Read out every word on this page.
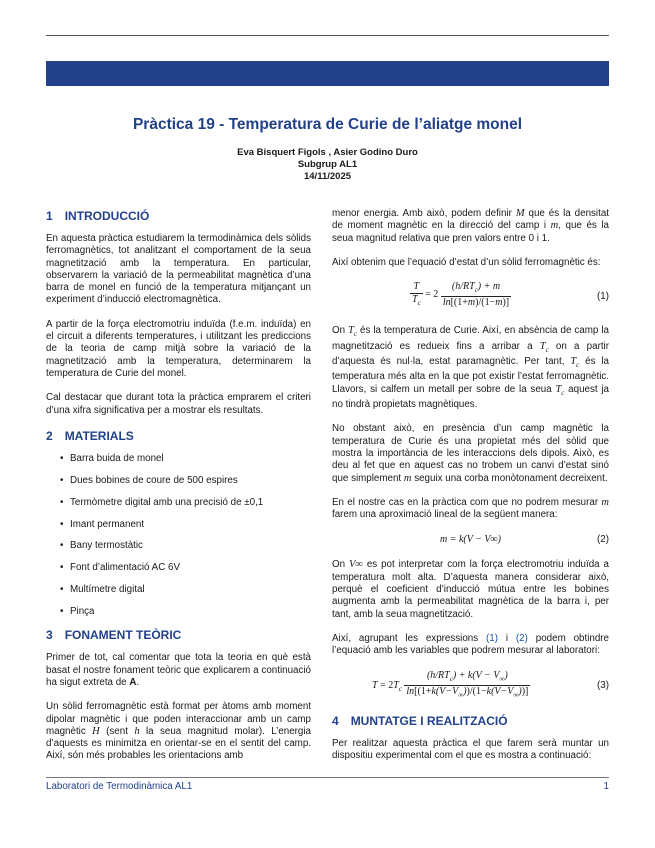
Pràctica 19 - Temperatura de Curie de l’aliatge monel
Eva Bisquert Figols , Asier Godino Duro
Subgrup AL1
14/11/2025
1 INTRODUCCIÓ

En aquesta pràctica estudiarem la termodinàmica dels sòlids ferromagnètics, tot analitzant el comportament de la seua magnetització amb la temperatura. En particular, observarem la variació de la permeabilitat magnètica d’una barra de monel en funció de la temperatura mitjançant un experiment d’inducció electromagnètica.

A partir de la força electromotriu induïda (f.e.m. induïda) en el circuit a diferents temperatures, i utilitzant les prediccions de la teoria de camp mitjà sobre la variació de la magnetització amb la temperatura, determinarem la temperatura de Curie del monel.

Cal destacar que durant tota la pràctica emprarem el criteri d’una xifra significativa per a mostrar els resultats.

2 MATERIALS
• Barra buida de monel
• Dues bobines de coure de 500 espires
• Termòmetre digital amb una precisió de ±0,1
• Imant permanent
• Bany termostàtic
• Font d’alimentació AC 6V
• Multímetre digital
• Pinça
3 FONAMENT TEÒRIC

Primer de tot, cal comentar que tota la teoria en què està basat el nostre fonament teòric que explicarem a continuació ha sigut extreta de A.

Un sòlid ferromagnètic està format per àtoms amb moment dipolar magnètic i que poden interaccionar amb un camp magnètic H (sent h la seua magnitud molar). L’energia d’aquests es minimitza en orientar-se en el sentit del camp. Així, són més probables les orientacions amb

menor energia. Amb això, podem definir M que és la densitat de moment magnètic en la direcció del camp i m, que és la seua magnitud relativa que pren valors entre 0 i 1.

Així obtenim que l’equació d’estat d’un sòlid ferromagnètic és:

$\frac{T}{T_c} = 2 \frac{(h/RT_c) + m}{\ln[(1+m)/(1-m)]}$	(1)

On $T_c$ és la temperatura de Curie. Així, en absència de camp la magnetització es redueix fins a arribar a $T_c$ on a partir d’aquesta és nul·la, estat paramagnètic. Per tant, $T_c$ és la temperatura més alta en la que pot existir l’estat ferromagnètic. Llavors, si calfem un metall per sobre de la seua $T_c$ aquest ja no tindrà propietats magnètiques.

No obstant això, en presència d’un camp magnètic la temperatura de Curie és una propietat més del sòlid que mostra la importància de les interaccions dels dipols. Això, es deu al fet que en aquest cas no trobem un canvi d’estat sinó que simplement m seguix una corba monòtonament decreixent.

En el nostre cas en la pràctica com que no podrem mesurar m farem una aproximació lineal de la següent manera:

m = k(V − V∞)	(2)

On V∞ es pot interpretar com la força electromotriu induïda a temperatura molt alta. D’aquesta manera considerar això, perquè el coeficient d’inducció mútua entre les bobines augmenta amb la permeabilitat magnètica de la barra i, per tant, amb la seua magnetització.

Així, agrupant les expressions (1) i (2) podem obtindre l’equació amb les variables que podrem mesurar al laboratori:

$T = 2T_c \frac{(h/RT_c) + k(V - V_\infty)}{\ln[(1+k(V-V_\infty))/(1-k(V-V_\infty))]}$	(3)
4 MUNTATGE I REALITZACIÓ

Per realitzar aquesta pràctica el que farem serà muntar un dispositiu experimental com el que es mostra a continuació:

Laboratori de Termodinàmica AL1	1
